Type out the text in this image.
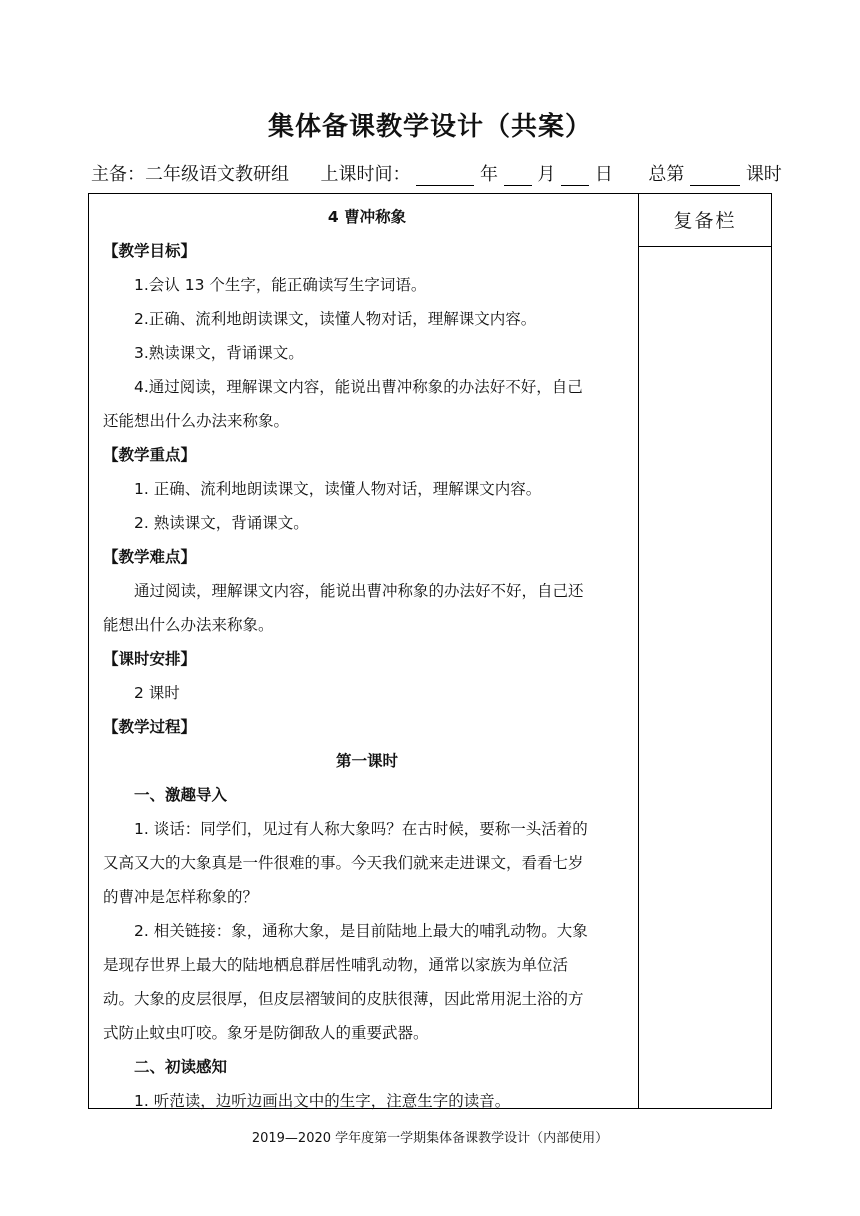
集体备课教学设计（共案）
主备：二年级语文教研组 上课时间：	年 月 日 总第	课时
复备栏

4 曹冲称象

【教学目标】

1.会认 13 个生字，能正确读写生字词语。

2.正确、流利地朗读课文，读懂人物对话，理解课文内容。

3.熟读课文，背诵课文。

4.通过阅读，理解课文内容，能说出曹冲称象的办法好不好，自己

还能想出什么办法来称象。

【教学重点】

1. 正确、流利地朗读课文，读懂人物对话，理解课文内容。

2. 熟读课文，背诵课文。

【教学难点】

通过阅读，理解课文内容，能说出曹冲称象的办法好不好，自己还

能想出什么办法来称象。

【课时安排】

2 课时

【教学过程】

第一课时

一、激趣导入

1. 谈话：同学们，见过有人称大象吗？在古时候，要称一头活着的

又高又大的大象真是一件很难的事。今天我们就来走进课文，看看七岁

的曹冲是怎样称象的？

2. 相关链接：象，通称大象，是目前陆地上最大的哺乳动物。大象

是现存世界上最大的陆地栖息群居性哺乳动物，通常以家族为单位活

动。大象的皮层很厚，但皮层褶皱间的皮肤很薄，因此常用泥土浴的方

式防止蚊虫叮咬。象牙是防御敌人的重要武器。

二、初读感知

1. 听范读，边听边画出文中的生字，注意生字的读音。

2019—2020 学年度第一学期集体备课教学设计（内部使用）
